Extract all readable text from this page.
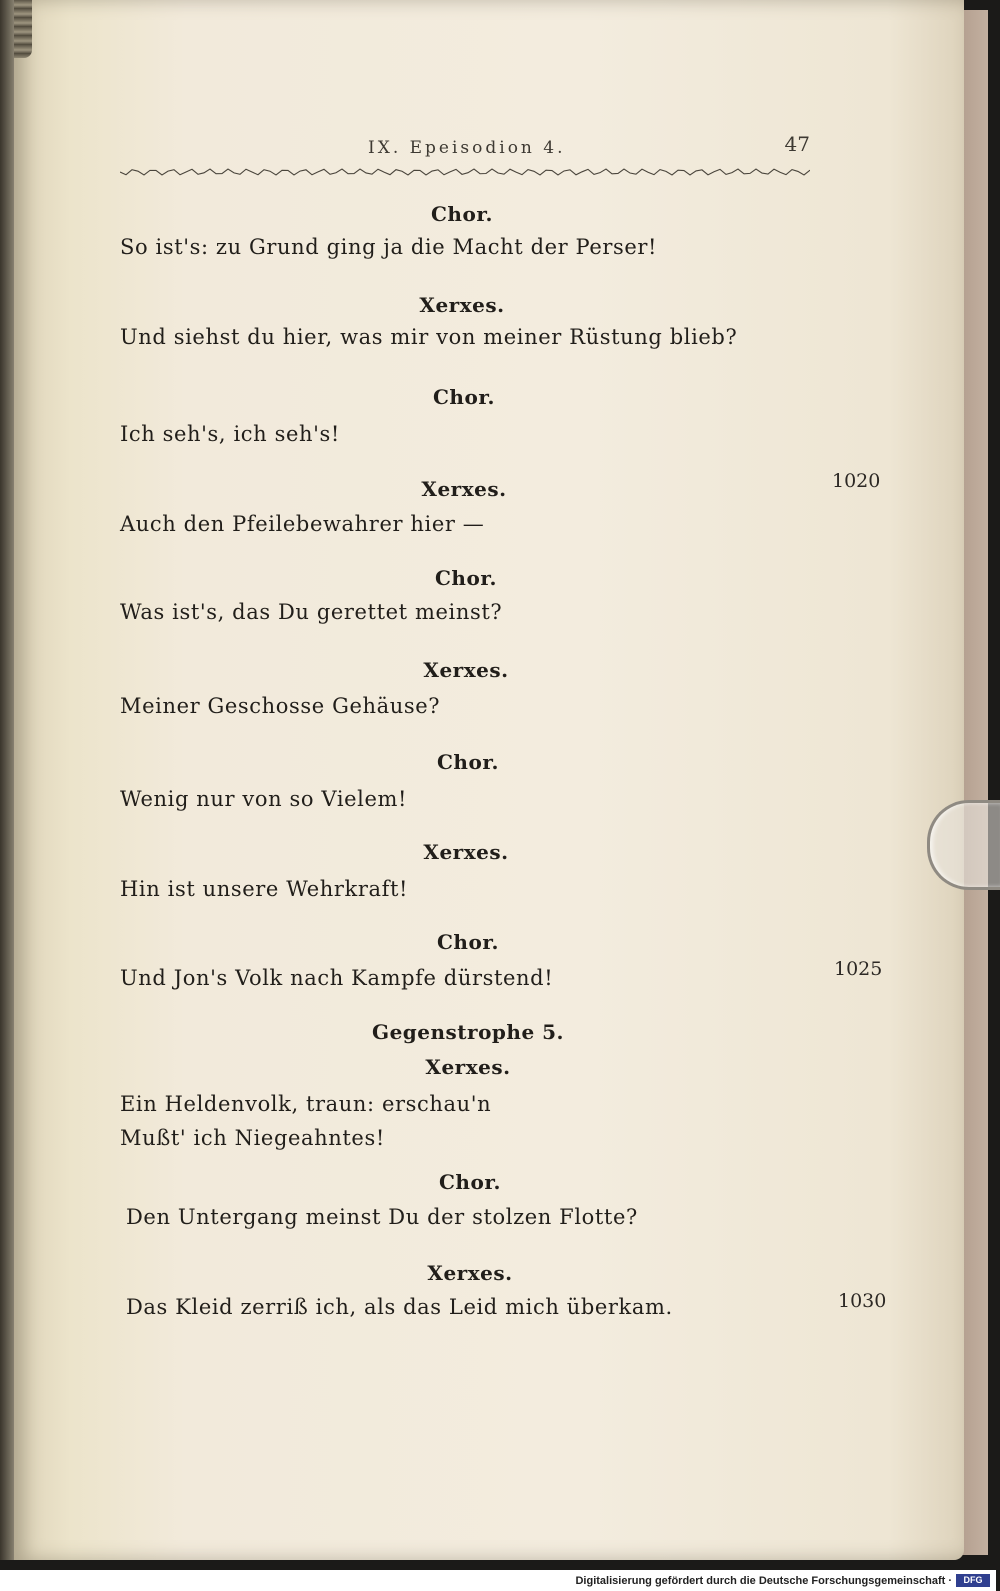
IX. Epeisodion 4.	47
Chor.
So ist's: zu Grund ging ja die Macht der Perser!
Xerxes.
Und siehst du hier, was mir von meiner Rüstung blieb?
Chor.
Ich seh's, ich seh's!
Xerxes.	1020
Auch den Pfeilebewahrer hier —
Chor.
Was ist's, das Du gerettet meinst?
Xerxes.
Meiner Geschosse Gehäuse?
Chor.
Wenig nur von so Vielem!
Xerxes.
Hin ist unsere Wehrkraft!
Chor.
Und Jon's Volk nach Kampfe dürstend!	1025
Gegenstrophe 5.
Xerxes.
Ein Heldenvolk, traun: erschau'n
Mußt' ich Niegeahntes!
Chor.
Den Untergang meinst Du der stolzen Flotte?
Xerxes.
Das Kleid zerriß ich, als das Leid mich überkam.	1030
Digitalisierung gefördert durch die Deutsche Forschungsgemeinschaft ·	DFG
